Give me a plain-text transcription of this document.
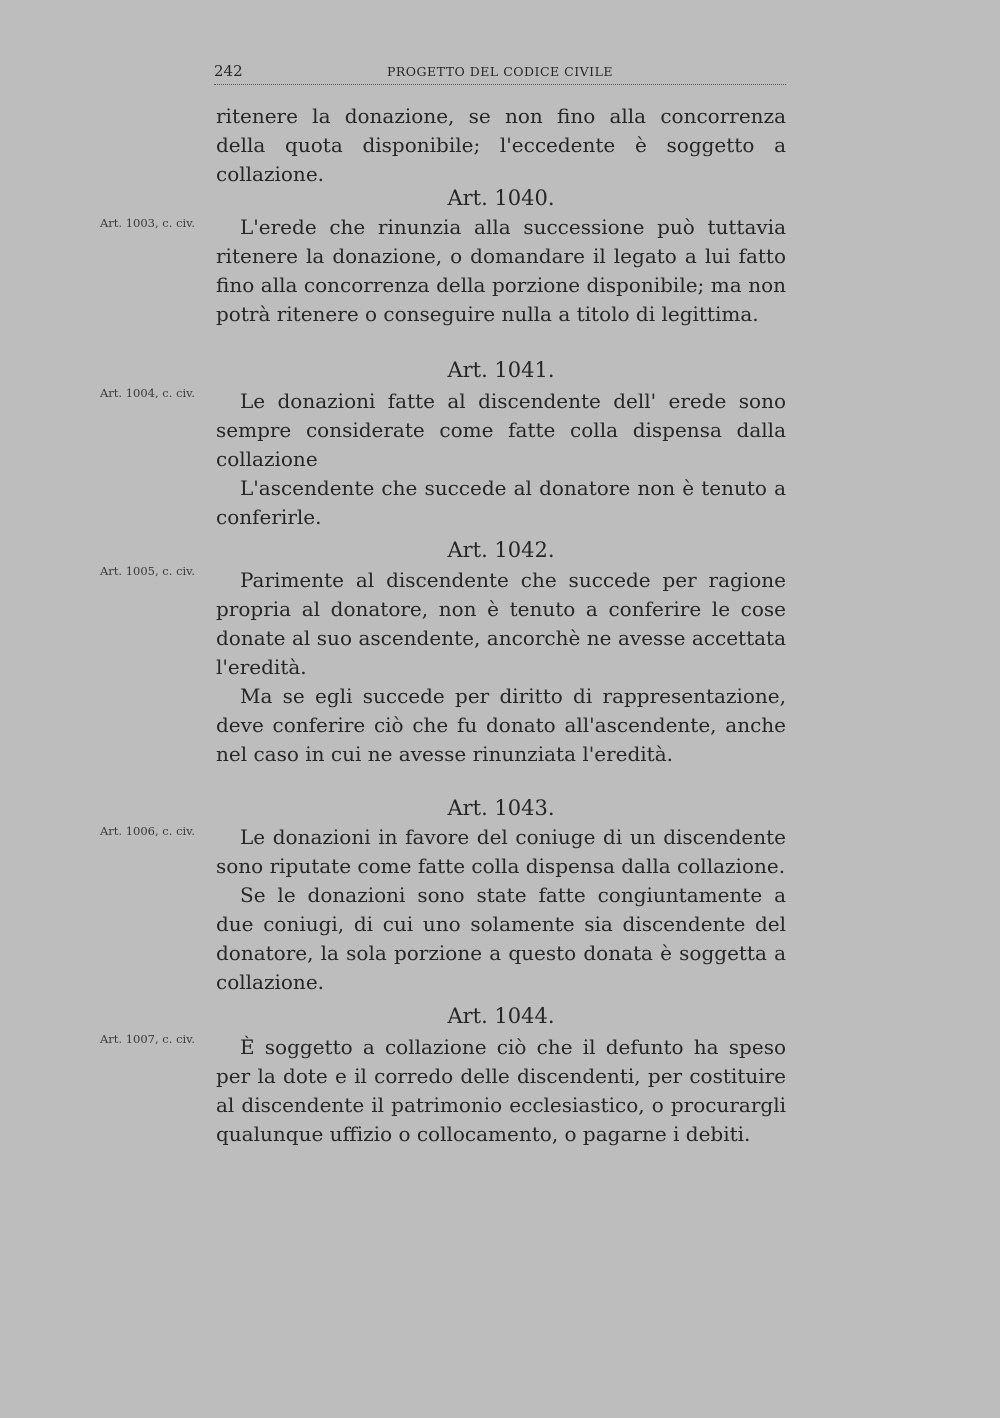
242	PROGETTO DEL CODICE CIVILE

ritenere la donazione, se non fino alla concorrenza della quota disponibile; l'eccedente è soggetto a collazione.

Art. 1040.
Art. 1003, c. civ.	L'erede che rinunzia alla successione può tuttavia ritenere la donazione, o domandare il legato a lui fatto fino alla concorrenza della porzione disponibile; ma non potrà ritenere o conseguire nulla a titolo di legittima.

Art. 1041.
Art. 1004, c. civ.	Le donazioni fatte al discendente dell' erede sono sempre considerate come fatte colla dispensa dalla collazione

L'ascendente che succede al donatore non è tenuto a conferirle.

Art. 1042.
Art. 1005, c. civ.	Parimente al discendente che succede per ragione propria al donatore, non è tenuto a conferire le cose donate al suo ascendente, ancorchè ne avesse accettata l'eredità.

Ma se egli succede per diritto di rappresentazione, deve conferire ciò che fu donato all'ascendente, anche nel caso in cui ne avesse rinunziata l'eredità.

Art. 1043.
Art. 1006, c. civ.	Le donazioni in favore del coniuge di un discendente sono riputate come fatte colla dispensa dalla collazione.

Se le donazioni sono state fatte congiuntamente a due coniugi, di cui uno solamente sia discendente del donatore, la sola porzione a questo donata è soggetta a collazione.

Art. 1044.
Art. 1007, c. civ.	È soggetto a collazione ciò che il defunto ha speso per la dote e il corredo delle discendenti, per costituire al discendente il patrimonio ecclesiastico, o procurargli qualunque uffizio o collocamento, o pagarne i debiti.
